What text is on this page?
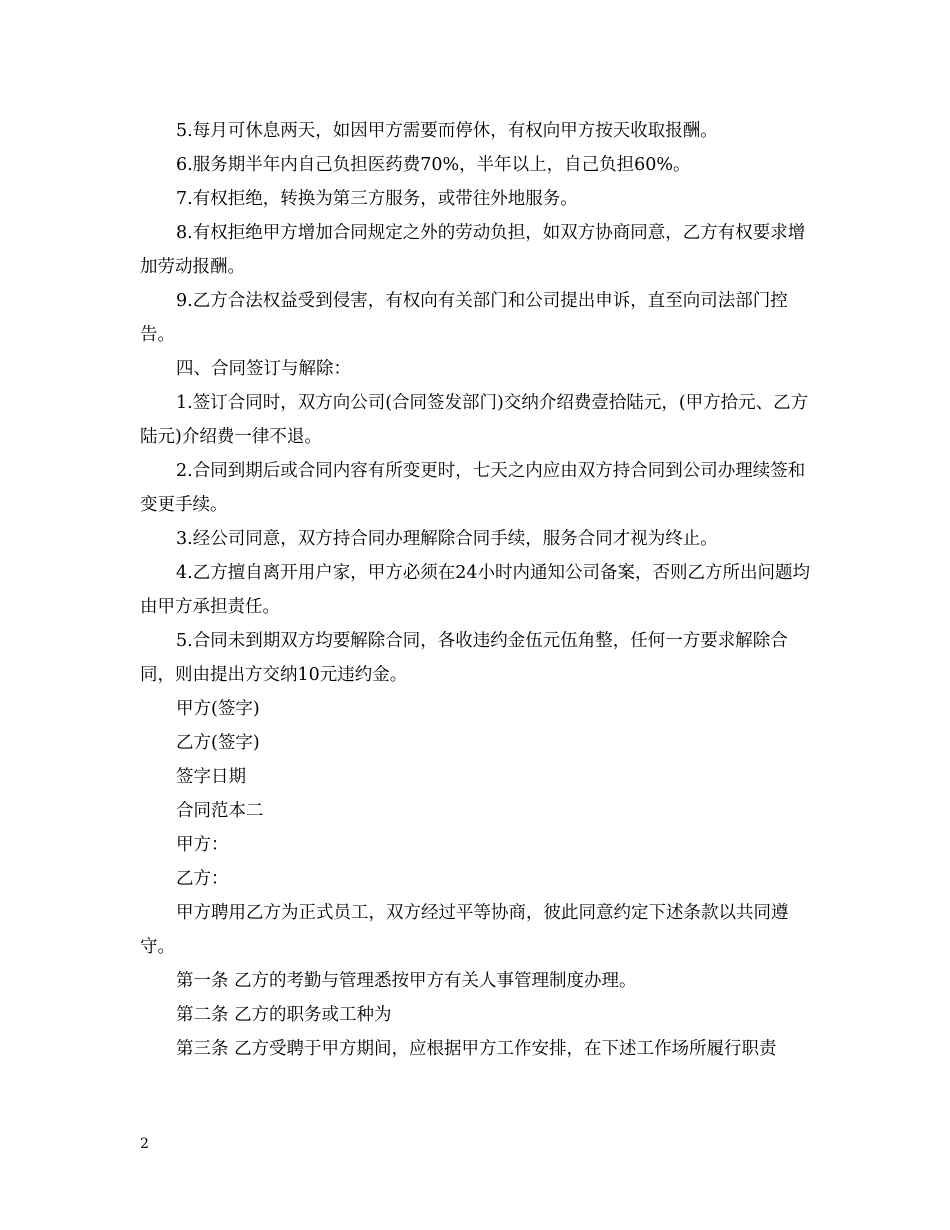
5.每月可休息两天，如因甲方需要而停休，有权向甲方按天收取报酬。

6.服务期半年内自己负担医药费70%，半年以上，自己负担60%。

7.有权拒绝，转换为第三方服务，或带往外地服务。

8.有权拒绝甲方增加合同规定之外的劳动负担，如双方协商同意，乙方有权要求增加劳动报酬。

9.乙方合法权益受到侵害，有权向有关部门和公司提出申诉，直至向司法部门控告。

四、合同签订与解除：

1.签订合同时，双方向公司(合同签发部门)交纳介绍费壹拾陆元，(甲方拾元、乙方陆元)介绍费一律不退。

2.合同到期后或合同内容有所变更时，七天之内应由双方持合同到公司办理续签和变更手续。

3.经公司同意，双方持合同办理解除合同手续，服务合同才视为终止。

4.乙方擅自离开用户家，甲方必须在24小时内通知公司备案，否则乙方所出问题均由甲方承担责任。

5.合同未到期双方均要解除合同，各收违约金伍元伍角整，任何一方要求解除合同，则由提出方交纳10元违约金。

甲方(签字)

乙方(签字)

签字日期

合同范本二

甲方：

乙方：

甲方聘用乙方为正式员工，双方经过平等协商，彼此同意约定下述条款以共同遵守。

第一条 乙方的考勤与管理悉按甲方有关人事管理制度办理。

第二条 乙方的职务或工种为

第三条 乙方受聘于甲方期间，应根据甲方工作安排，在下述工作场所履行职责

2
